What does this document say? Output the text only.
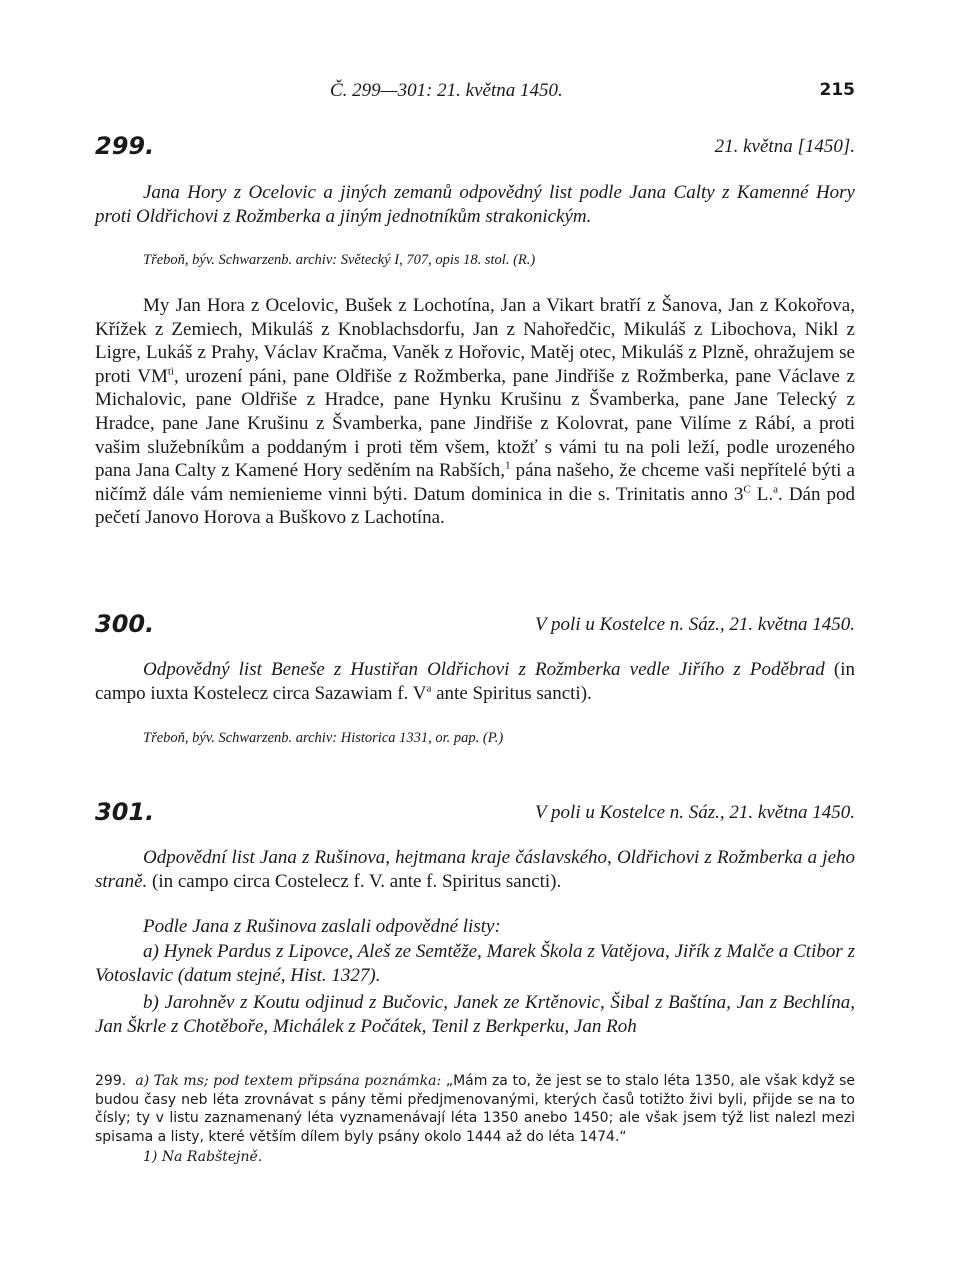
Č. 299—301: 21. května 1450.	215
299.	21. května [1450].
Jana Hory z Ocelovic a jiných zemanů odpovědný list podle Jana Calty z Kamenné Hory proti Oldřichovi z Rožmberka a jiným jednotníkům strakonickým.
Třeboň, býv. Schwarzenb. archiv: Světecký I, 707, opis 18. stol. (R.)
My Jan Hora z Ocelovic, Bušek z Lochotína, Jan a Vikart bratří z Šanova, Jan z Kokořova, Křížek z Zemiech, Mikuláš z Knoblachsdorfu, Jan z Nahoředčic, Mikuláš z Libochova, Nikl z Ligre, Lukáš z Prahy, Václav Kračma, Vaněk z Hořovic, Matěj otec, Mikuláš z Plzně, ohražujem se proti $VM^{ti}$, urození páni, pane Oldřiše z Rožmberka, pane Jindřiše z Rožmberka, pane Václave z Michalovic, pane Oldřiše z Hradce, pane Hynku Krušinu z Švamberka, pane Jane Telecký z Hradce, pane Jane Krušinu z Švamberka, pane Jindřiše z Kolovrat, pane Vilíme z Rábí, a proti vašim služebníkům a poddaným i proti těm všem, ktožť s vámi tu na poli leží, podle urozeného pana Jana Calty z Kamené Hory seděním na Rabších,$^1$ pána našeho, že chceme vaši nepřítelé býti a ničímž dále vám nemienieme vinni býti. Datum dominica in die s. Trinitatis anno $3^C$ L.$^a$. Dán pod pečetí Janovo Horova a Buškovo z Lachotína.
300.	V poli u Kostelce n. Sáz., 21. května 1450.
Odpovědný list Beneše z Hustiřan Oldřichovi z Rožmberka vedle Jiřího z Poděbrad (in campo iuxta Kostelecz circa Sazawiam f. $V^a$ ante Spiritus sancti).
Třeboň, býv. Schwarzenb. archiv: Historica 1331, or. pap. (P.)
301.	V poli u Kostelce n. Sáz., 21. května 1450.
Odpovědní list Jana z Rušinova, hejtmana kraje čáslavského, Oldřichovi z Rožmberka a jeho straně. (in campo circa Costelecz f. V. ante f. Spiritus sancti).
Podle Jana z Rušinova zaslali odpovědné listy:
a) Hynek Pardus z Lipovce, Aleš ze Semtěže, Marek Škola z Vatějova, Jiřík z Malče a Ctibor z Votoslavic (datum stejné, Hist. 1327).
b) Jarohněv z Koutu odjinud z Bučovic, Janek ze Krtěnovic, Šibal z Baštína, Jan z Bechlína, Jan Škrle z Chotěboře, Michálek z Počátek, Tenil z Berkperku, Jan Roh
299. a) Tak ms; pod textem připsána poznámka: „Mám za to, že jest se to stalo léta 1350, ale však když se budou časy neb léta zrovnávat s pány těmi předjmenovanými, kterých časů totižto živi byli, přijde se na to čísly; ty v listu zaznamenaný léta vyznamenávají léta 1350 anebo 1450; ale však jsem týž list nalezl mezi spisama a listy, které větším dílem byly psány okolo 1444 až do léta 1474.“
1) Na Rabštejně.
